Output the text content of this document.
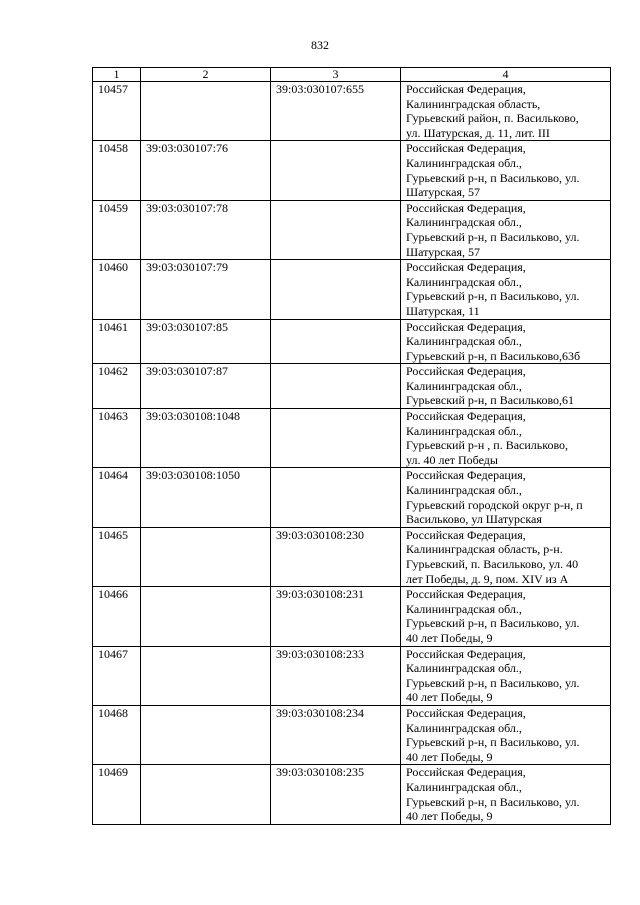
832
1	2	3	4
10457		39:03:030107:655	Российская Федерация,
Калининградская область,
Гурьевский район, п. Васильково,
ул. Шатурская, д. 11, лит. III

10458	39:03:030107:76		Российская Федерация,
Калининградская обл.,
Гурьевский р-н, п Васильково, ул.
Шатурская, 57

10459	39:03:030107:78		Российская Федерация,
Калининградская обл.,
Гурьевский р-н, п Васильково, ул.
Шатурская, 57

10460	39:03:030107:79		Российская Федерация,
Калининградская обл.,
Гурьевский р-н, п Васильково, ул.
Шатурская, 11

10461	39:03:030107:85		Российская Федерация,
Калининградская обл.,
Гурьевский р-н, п Васильково,63б

10462	39:03:030107:87		Российская Федерация,
Калининградская обл.,
Гурьевский р-н, п Васильково,61

10463	39:03:030108:1048		Российская Федерация,
Калининградская обл.,
Гурьевский р-н , п. Васильково,
ул. 40 лет Победы

10464	39:03:030108:1050		Российская Федерация,
Калининградская обл.,
Гурьевский городской округ р-н, п
Васильково, ул Шатурская

10465		39:03:030108:230	Российская Федерация,
Калининградская область, р-н.
Гурьевский, п. Васильково, ул. 40
лет Победы, д. 9, пом. XIV из А

10466		39:03:030108:231	Российская Федерация,
Калининградская обл.,
Гурьевский р-н, п Васильково, ул.
40 лет Победы, 9

10467		39:03:030108:233	Российская Федерация,
Калининградская обл.,
Гурьевский р-н, п Васильково, ул.
40 лет Победы, 9

10468		39:03:030108:234	Российская Федерация,
Калининградская обл.,
Гурьевский р-н, п Васильково, ул.
40 лет Победы, 9

10469		39:03:030108:235	Российская Федерация,
Калининградская обл.,
Гурьевский р-н, п Васильково, ул.
40 лет Победы, 9
